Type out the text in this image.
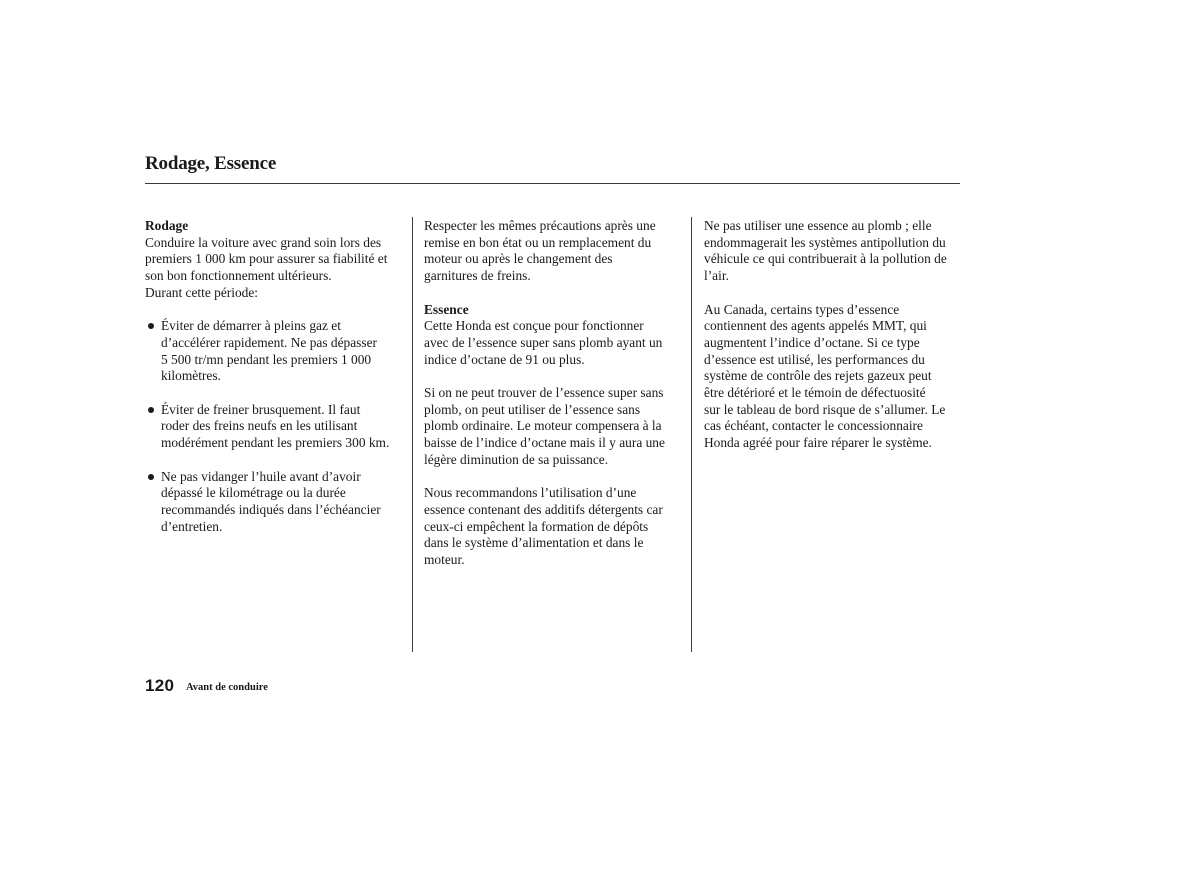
Rodage, Essence

Rodage
Conduire la voiture avec grand soin lors des
premiers 1 000 km pour assurer sa fiabilité et
son bon fonctionnement ultérieurs.
Durant cette période:

Éviter de démarrer à pleins gaz et
d’accélérer rapidement. Ne pas dépasser
5 500 tr/mn pendant les premiers 1 000
kilomètres.
Éviter de freiner brusquement. Il faut
roder des freins neufs en les utilisant
modérément pendant les premiers 300 km.
Ne pas vidanger l’huile avant d’avoir
dépassé le kilométrage ou la durée
recommandés indiqués dans l’échéancier
d’entretien.

Respecter les mêmes précautions après une
remise en bon état ou un remplacement du
moteur ou après le changement des
garnitures de freins.

Essence
Cette Honda est conçue pour fonctionner
avec de l’essence super sans plomb ayant un
indice d’octane de 91 ou plus.

Si on ne peut trouver de l’essence super sans
plomb, on peut utiliser de l’essence sans
plomb ordinaire. Le moteur compensera à la
baisse de l’indice d’octane mais il y aura une
légère diminution de sa puissance.

Nous recommandons l’utilisation d’une
essence contenant des additifs détergents car
ceux-ci empêchent la formation de dépôts
dans le système d’alimentation et dans le
moteur.

Ne pas utiliser une essence au plomb ; elle
endommagerait les systèmes antipollution du
véhicule ce qui contribuerait à la pollution de
l’air.

Au Canada, certains types d’essence
contiennent des agents appelés MMT, qui
augmentent l’indice d’octane. Si ce type
d’essence est utilisé, les performances du
système de contrôle des rejets gazeux peut
être détérioré et le témoin de défectuosité
sur le tableau de bord risque de s’allumer. Le
cas échéant, contacter le concessionnaire
Honda agréé pour faire réparer le système.

120 Avant de conduire
